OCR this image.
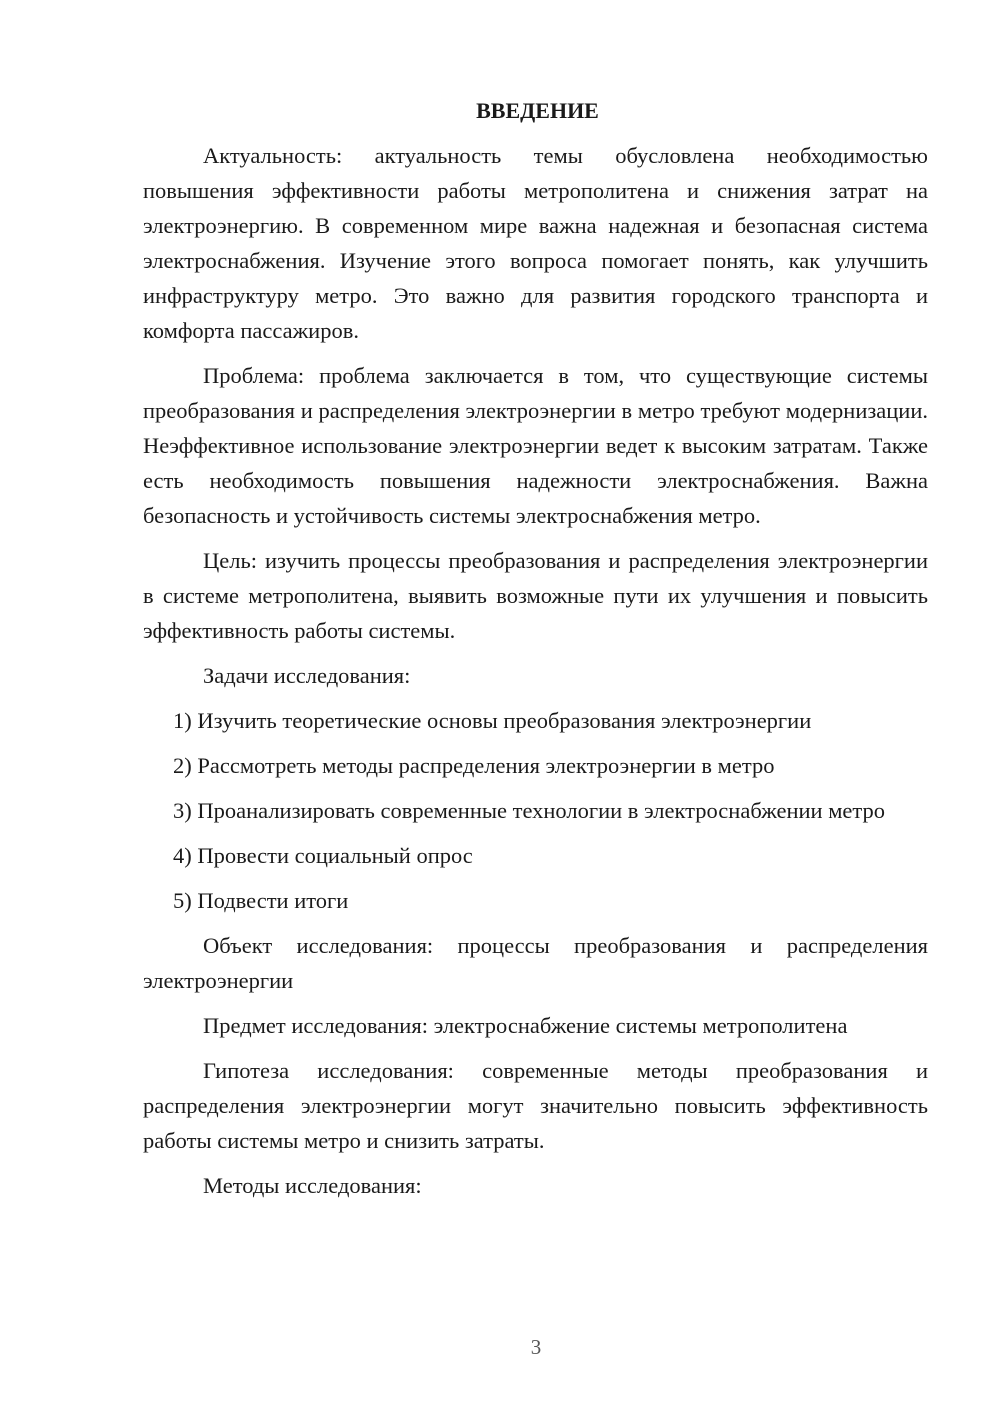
ВВЕДЕНИЕ

Актуальность: актуальность темы обусловлена необходимостью повышения эффективности работы метрополитена и снижения затрат на электроэнергию. В современном мире важна надежная и безопасная система электроснабжения. Изучение этого вопроса помогает понять, как улучшить инфраструктуру метро. Это важно для развития городского транспорта и комфорта пассажиров.

Проблема: проблема заключается в том, что существующие системы преобразования и распределения электроэнергии в метро требуют модернизации. Неэффективное использование электроэнергии ведет к высоким затратам. Также есть необходимость повышения надежности электроснабжения. Важна безопасность и устойчивость системы электроснабжения метро.

Цель: изучить процессы преобразования и распределения электроэнергии в системе метрополитена, выявить возможные пути их улучшения и повысить эффективность работы системы.

Задачи исследования:

1) Изучить теоретические основы преобразования электроэнергии

2) Рассмотреть методы распределения электроэнергии в метро

3) Проанализировать современные технологии в электроснабжении метро

4) Провести социальный опрос

5) Подвести итоги

Объект исследования: процессы преобразования и распределения электроэнергии

Предмет исследования: электроснабжение системы метрополитена

Гипотеза исследования: современные методы преобразования и распределения электроэнергии могут значительно повысить эффективность работы системы метро и снизить затраты.

Методы исследования:

3
